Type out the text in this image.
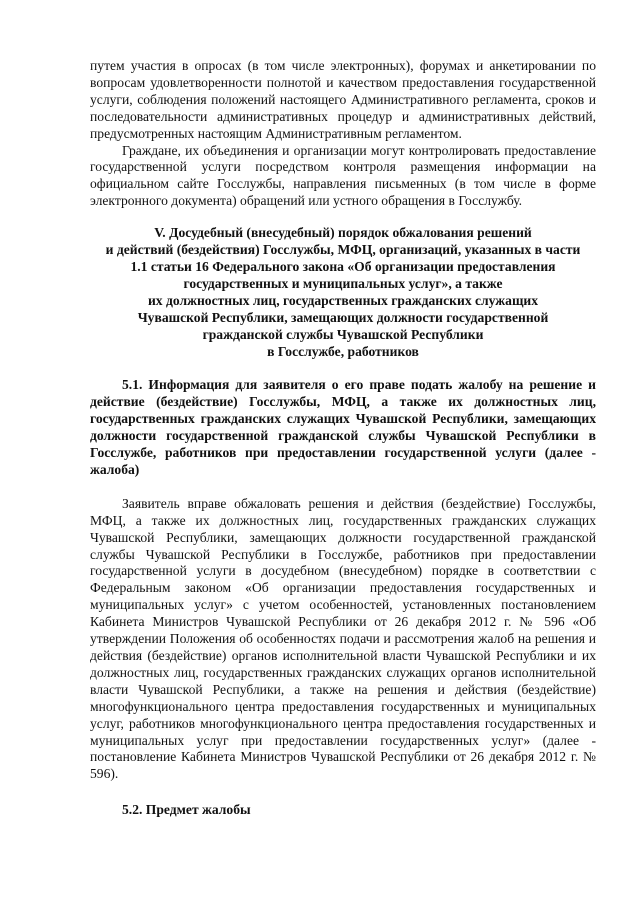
путем участия в опросах (в том числе электронных), форумах и анкетировании по вопросам удовлетворенности полнотой и качеством предоставления государственной услуги, соблюдения положений настоящего Административного регламента, сроков и последовательности административных процедур и административных действий, предусмотренных настоящим Административным регламентом.

Граждане, их объединения и организации могут контролировать предоставление государственной услуги посредством контроля размещения информации на официальном сайте Госслужбы, направления письменных (в том числе в форме электронного документа) обращений или устного обращения в Госслужбу.

V. Досудебный (внесудебный) порядок обжалования решений
и действий (бездействия) Госслужбы, МФЦ, организаций, указанных в части
1.1 статьи 16 Федерального закона «Об организации предоставления
государственных и муниципальных услуг», а также
их должностных лиц, государственных гражданских служащих
Чувашской Республики, замещающих должности государственной
гражданской службы Чувашской Республики
в Госслужбе, работников

5.1. Информация для заявителя о его праве подать жалобу на решение и действие (бездействие) Госслужбы, МФЦ, а также их должностных лиц, государственных гражданских служащих Чувашской Республики, замещающих должности государственной гражданской службы Чувашской Республики в Госслужбе, работников при предоставлении государственной услуги (далее - жалоба)

Заявитель вправе обжаловать решения и действия (бездействие) Госслужбы, МФЦ, а также их должностных лиц, государственных гражданских служащих Чувашской Республики, замещающих должности государственной гражданской службы Чувашской Республики в Госслужбе, работников при предоставлении государственной услуги в досудебном (внесудебном) порядке в соответствии с Федеральным законом «Об организации предоставления государственных и муниципальных услуг» с учетом особенностей, установленных постановлением Кабинета Министров Чувашской Республики от 26 декабря 2012 г. № 596 «Об утверждении Положения об особенностях подачи и рассмотрения жалоб на решения и действия (бездействие) органов исполнительной власти Чувашской Республики и их должностных лиц, государственных гражданских служащих органов исполнительной власти Чувашской Республики, а также на решения и действия (бездействие) многофункционального центра предоставления государственных и муниципальных услуг, работников многофункционального центра предоставления государственных и муниципальных услуг при предоставлении государственных услуг» (далее - постановление Кабинета Министров Чувашской Республики от 26 декабря 2012 г. № 596).

5.2. Предмет жалобы
